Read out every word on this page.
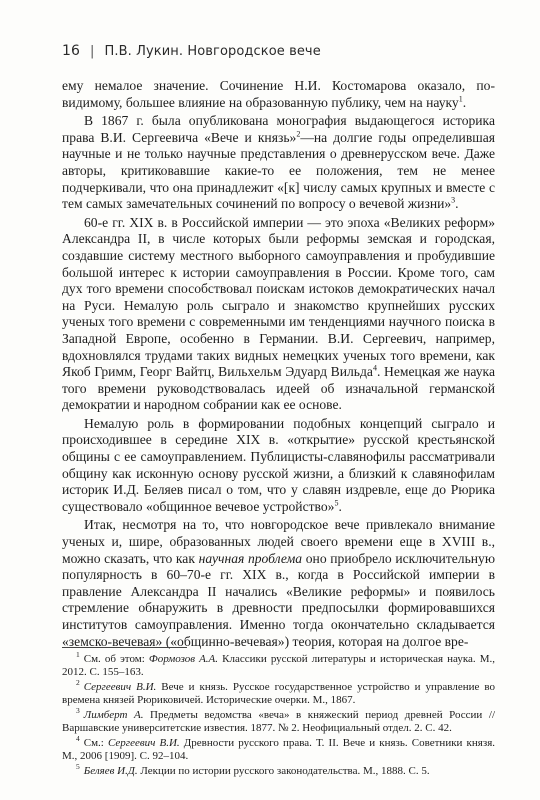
16 | П.В. Лукин. Новгородское вече

ему немалое значение. Сочинение Н.И. Костомарова оказало, по-видимому, большее влияние на образованную публику, чем на науку$^1$.

В 1867 г. была опубликована монография выдающегося историка права В.И. Сергеевича «Вече и князь»$^2$—на долгие годы определившая научные и не только научные представления о древнерусском вече. Даже авторы, критиковавшие какие-то ее положения, тем не менее подчеркивали, что она принадлежит «[к] числу самых крупных и вместе с тем самых замечательных сочинений по вопросу о вечевой жизни»$^3$.

60-е гг. XIX в. в Российской империи — это эпоха «Великих реформ» Александра II, в числе которых были реформы земская и городская, создавшие систему местного выборного самоуправления и пробудившие большой интерес к истории самоуправления в России. Кроме того, сам дух того времени способствовал поискам истоков демократических начал на Руси. Немалую роль сыграло и знакомство крупнейших русских ученых того времени с современными им тенденциями научного поиска в Западной Европе, особенно в Германии. В.И. Сергеевич, например, вдохновлялся трудами таких видных немецких ученых того времени, как Якоб Гримм, Георг Вайтц, Вильхельм Эдуард Вильда$^4$. Немецкая же наука того времени руководствовалась идеей об изначальной германской демократии и народном собрании как ее основе.

Немалую роль в формировании подобных концепций сыграло и происходившее в середине XIX в. «открытие» русской крестьянской общины с ее самоуправлением. Публицисты-славянофилы рассматривали общину как исконную основу русской жизни, а близкий к славянофилам историк И.Д. Беляев писал о том, что у славян издревле, еще до Рюрика существовало «общинное вечевое устройство»$^5$.

Итак, несмотря на то, что новгородское вече привлекало внимание ученых и, шире, образованных людей своего времени еще в XVIII в., можно сказать, что как научная проблема оно приобрело исключительную популярность в 60–70-е гг. XIX в., когда в Российской империи в правление Александра II начались «Великие реформы» и появилось стремление обнаружить в древности предпосылки формировавшихся институтов самоуправления. Именно тогда окончательно складывается «земско-вечевая» («общинно-вечевая») теория, которая на долгое вре-

$^1$ См. об этом: Формозов А.А. Классики русской литературы и историческая наука. М., 2012. С. 155–163.
$^2$ Сергеевич В.И. Вече и князь. Русское государственное устройство и управление во времена князей Рюриковичей. Исторические очерки. М., 1867.
$^3$ Лимберт А. Предметы ведомства «веча» в княжеский период древней России // Варшавские университетские известия. 1877. № 2. Неофициальный отдел. 2. С. 42.
$^4$ См.: Сергеевич В.И. Древности русского права. Т. II. Вече и князь. Советники князя. М., 2006 [1909]. С. 92–104.
$^5$ Беляев И.Д. Лекции по истории русского законодательства. М., 1888. С. 5.
